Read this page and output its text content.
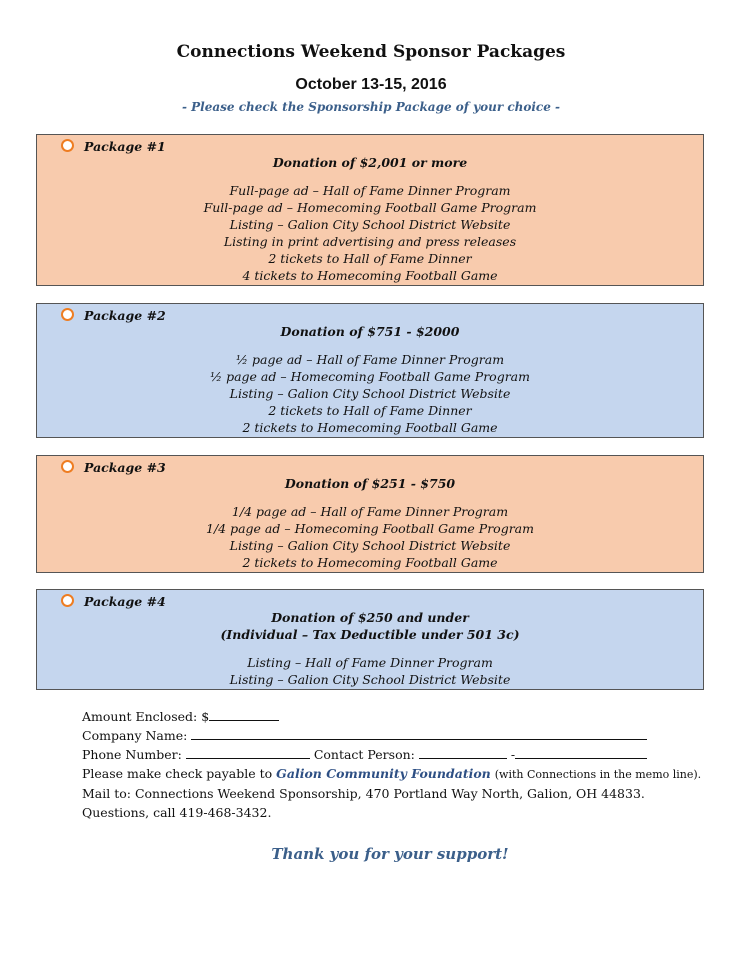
Connections Weekend Sponsor Packages
October 13-15, 2016
- Please check the Sponsorship Package of your choice -
Package #1
Donation of $2,001 or more
Full-page ad – Hall of Fame Dinner Program
Full-page ad – Homecoming Football Game Program
Listing – Galion City School District Website
Listing in print advertising and press releases
2 tickets to Hall of Fame Dinner
4 tickets to Homecoming Football Game
Package #2
Donation of $751 - $2000
½ page ad – Hall of Fame Dinner Program
½ page ad – Homecoming Football Game Program
Listing – Galion City School District Website
2 tickets to Hall of Fame Dinner
2 tickets to Homecoming Football Game
Package #3
Donation of $251 - $750
1/4 page ad – Hall of Fame Dinner Program
1/4 page ad – Homecoming Football Game Program
Listing – Galion City School District Website
2 tickets to Homecoming Football Game
Package #4
Donation of $250 and under
(Individual – Tax Deductible under 501 3c)
Listing – Hall of Fame Dinner Program
Listing – Galion City School District Website
Amount Enclosed: $
Company Name:
Phone Number:	Contact Person:	-
Please make check payable to Galion Community Foundation (with Connections in the memo line).
Mail to: Connections Weekend Sponsorship, 470 Portland Way North, Galion, OH 44833.
Questions, call 419-468-3432.
Thank you for your support!
